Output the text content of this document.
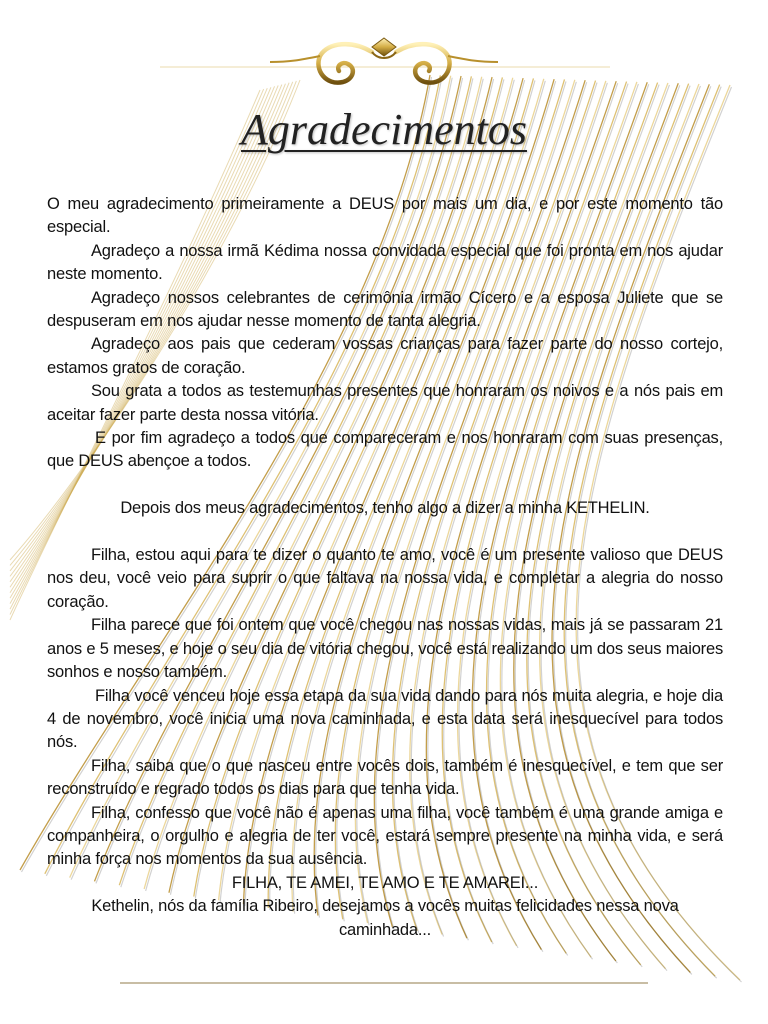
Agradecimentos

O meu agradecimento primeiramente a DEUS por mais um dia, e por este momento tão especial.

Agradeço a nossa irmã Kédima nossa convidada especial que foi pronta em nos ajudar neste momento.

Agradeço nossos celebrantes de cerimônia irmão Cícero e a esposa Juliete que se despuseram em nos ajudar nesse momento de tanta alegria.

Agradeço aos pais que cederam vossas crianças para fazer parte do nosso cortejo, estamos gratos de coração.

Sou grata a todos as testemunhas presentes que honraram os noivos e a nós pais em aceitar fazer parte desta nossa vitória.

E por fim agradeço a todos que compareceram e nos honraram com suas presenças, que DEUS abençoe a todos.

Depois dos meus agradecimentos, tenho algo a dizer a minha KETHELIN.

Filha, estou aqui para te dizer o quanto te amo, você é um presente valioso que DEUS nos deu, você veio para suprir o que faltava na nossa vida, e completar a alegria do nosso coração.

Filha parece que foi ontem que você chegou nas nossas vidas, mais já se passaram 21 anos e 5 meses, e hoje o seu dia de vitória chegou, você está realizando um dos seus maiores sonhos e nosso também.

Filha você venceu hoje essa etapa da sua vida dando para nós muita alegria, e hoje dia 4 de novembro, você inicia uma nova caminhada, e esta data será inesquecível para todos nós.

Filha, saiba que o que nasceu entre vocês dois, também é inesquecível, e tem que ser reconstruído e regrado todos os dias para que tenha vida.

Filha, confesso que você não é apenas uma filha, você também é uma grande amiga e companheira, o orgulho e alegria de ter você, estará sempre presente na minha vida, e será minha força nos momentos da sua ausência.

FILHA, TE AMEI, TE AMO E TE AMAREI...

Kethelin, nós da família Ribeiro, desejamos a vocês muitas felicidades nessa nova caminhada...
